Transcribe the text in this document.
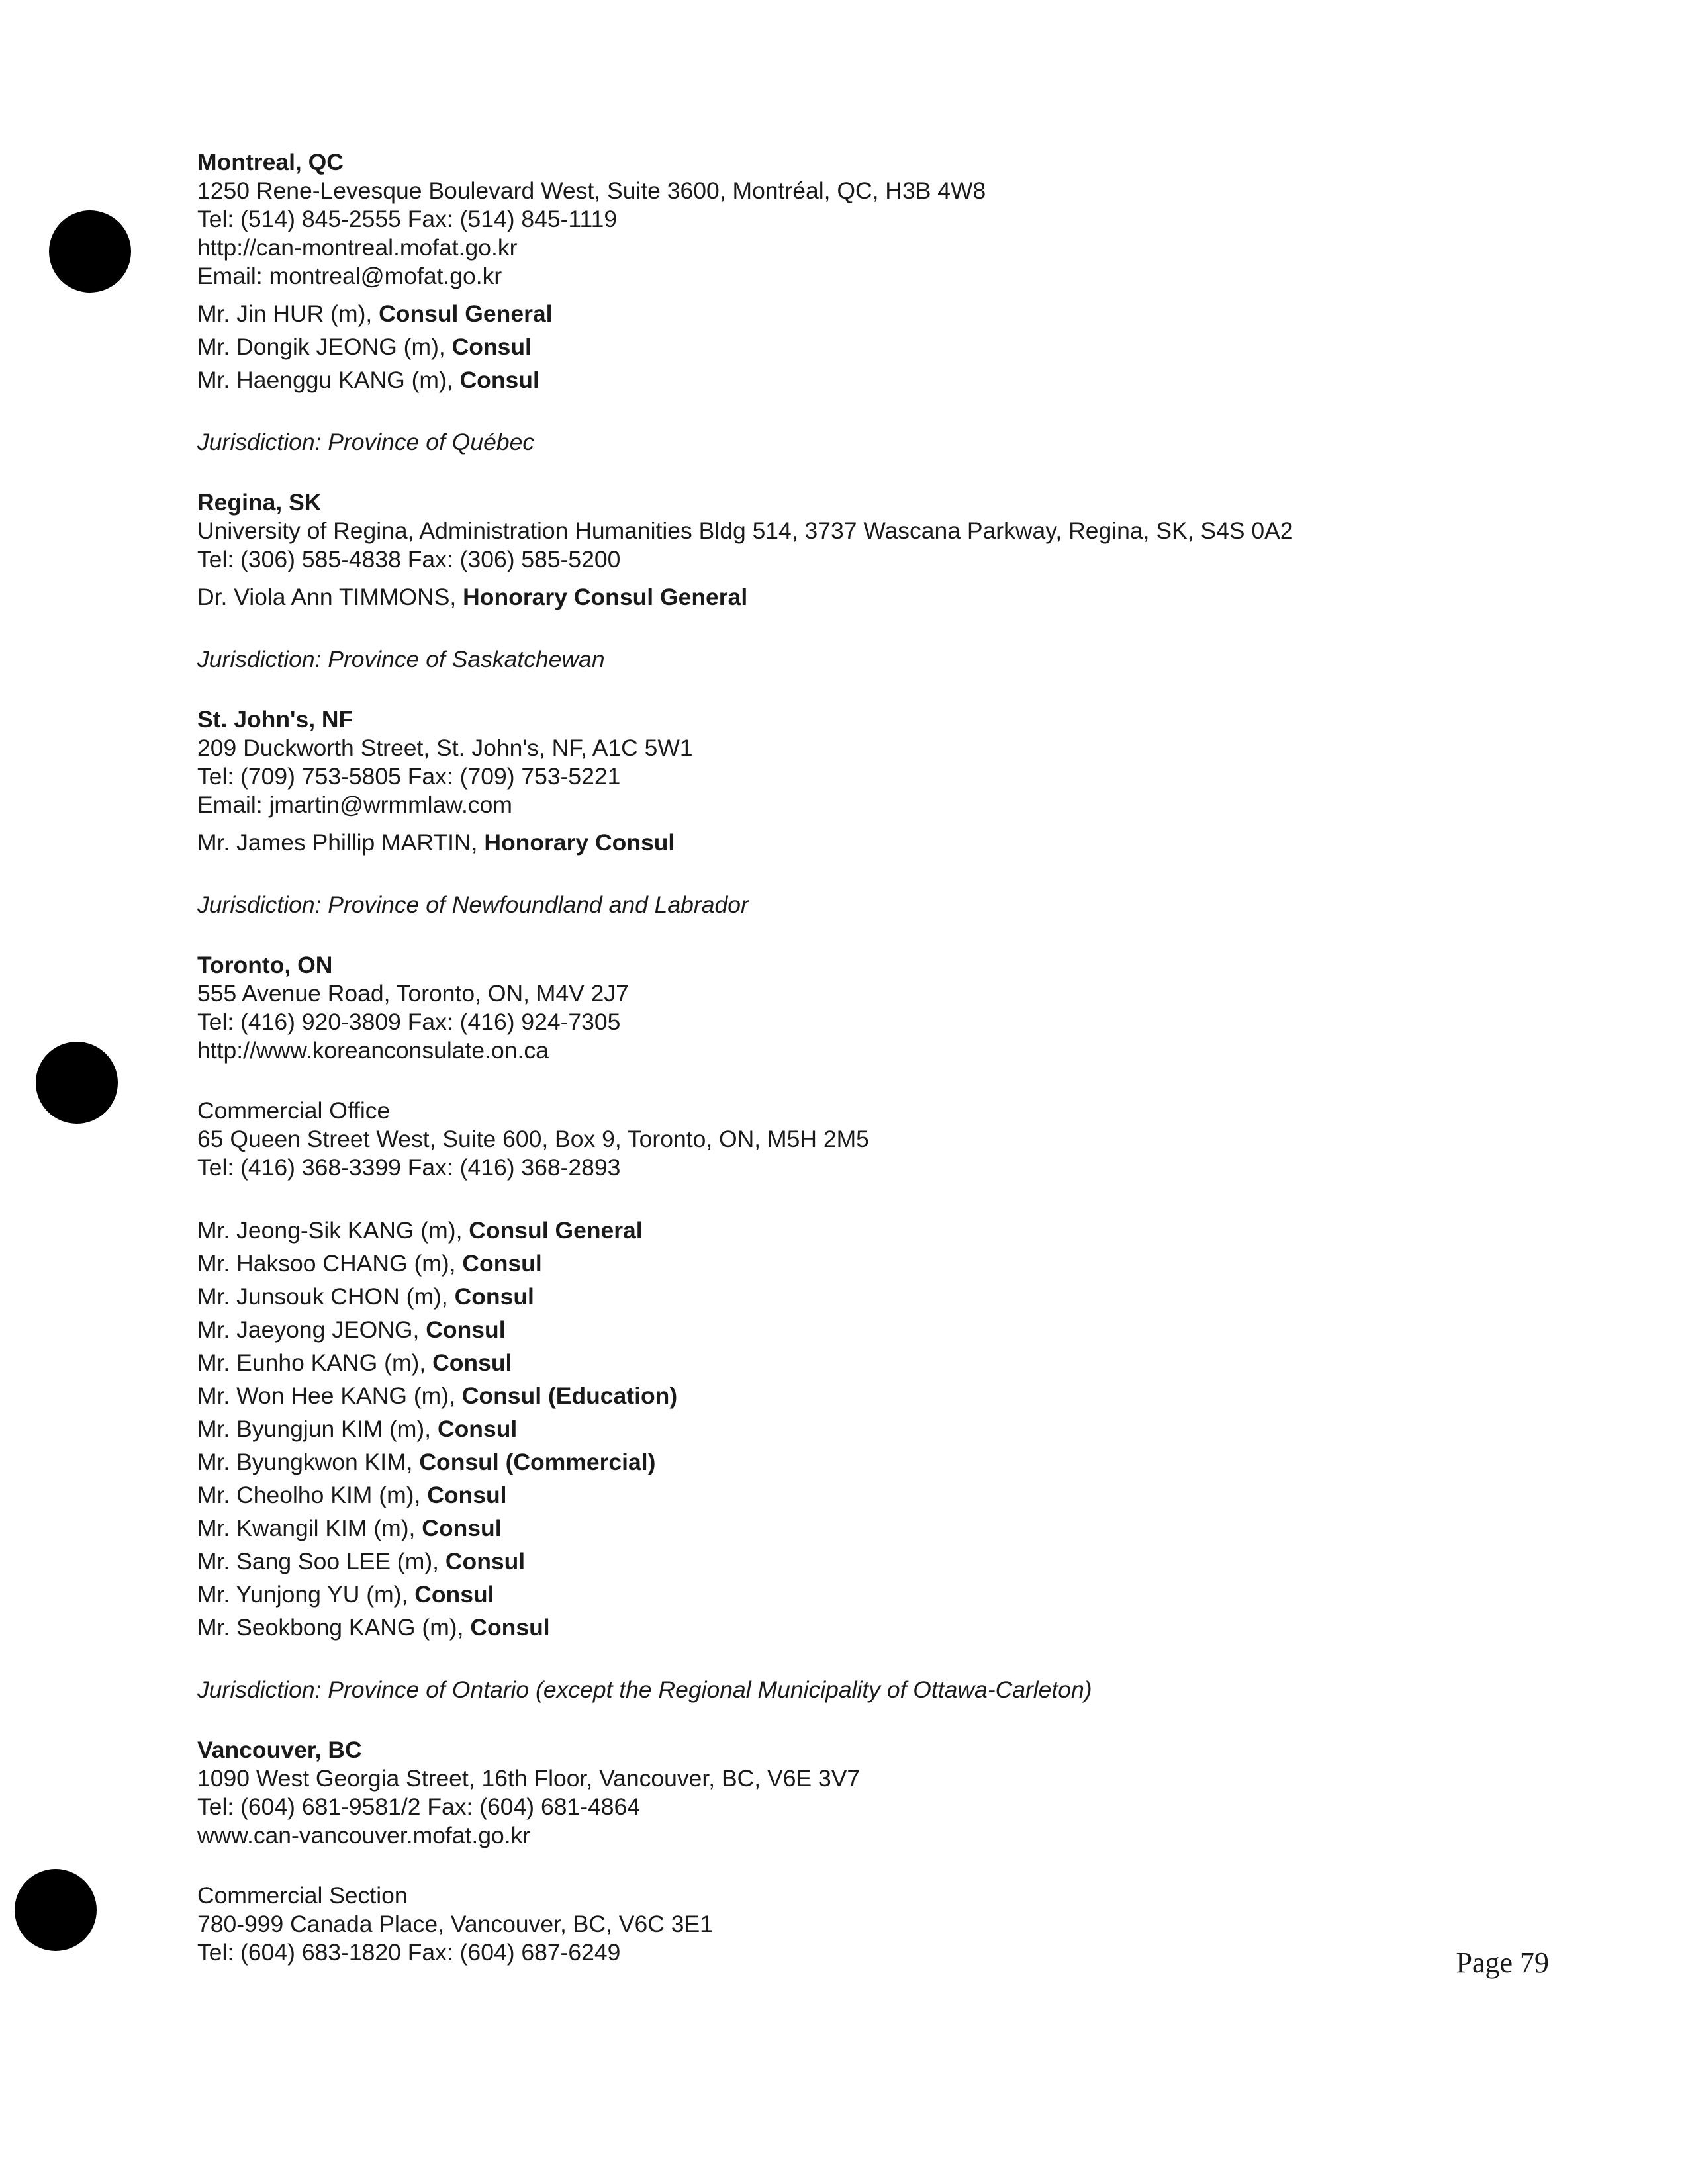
Montreal, QC
1250 Rene-Levesque Boulevard West, Suite 3600, Montréal, QC, H3B 4W8
Tel: (514) 845-2555 Fax: (514) 845-1119
http://can-montreal.mofat.go.kr
Email: montreal@mofat.go.kr
Mr. Jin HUR (m), Consul General
Mr. Dongik JEONG (m), Consul
Mr. Haenggu KANG (m), Consul
Jurisdiction: Province of Québec
Regina, SK
University of Regina, Administration Humanities Bldg 514, 3737 Wascana Parkway, Regina, SK, S4S 0A2
Tel: (306) 585-4838 Fax: (306) 585-5200
Dr. Viola Ann TIMMONS, Honorary Consul General
Jurisdiction: Province of Saskatchewan
St. John's, NF
209 Duckworth Street, St. John's, NF, A1C 5W1
Tel: (709) 753-5805 Fax: (709) 753-5221
Email: jmartin@wrmmlaw.com
Mr. James Phillip MARTIN, Honorary Consul
Jurisdiction: Province of Newfoundland and Labrador
Toronto, ON
555 Avenue Road, Toronto, ON, M4V 2J7
Tel: (416) 920-3809 Fax: (416) 924-7305
http://www.koreanconsulate.on.ca
Commercial Office
65 Queen Street West, Suite 600, Box 9, Toronto, ON, M5H 2M5
Tel: (416) 368-3399 Fax: (416) 368-2893
Mr. Jeong-Sik KANG (m), Consul General
Mr. Haksoo CHANG (m), Consul
Mr. Junsouk CHON (m), Consul
Mr. Jaeyong JEONG, Consul
Mr. Eunho KANG (m), Consul
Mr. Won Hee KANG (m), Consul (Education)
Mr. Byungjun KIM (m), Consul
Mr. Byungkwon KIM, Consul (Commercial)
Mr. Cheolho KIM (m), Consul
Mr. Kwangil KIM (m), Consul
Mr. Sang Soo LEE (m), Consul
Mr. Yunjong YU (m), Consul
Mr. Seokbong KANG (m), Consul
Jurisdiction: Province of Ontario (except the Regional Municipality of Ottawa-Carleton)
Vancouver, BC
1090 West Georgia Street, 16th Floor, Vancouver, BC, V6E 3V7
Tel: (604) 681-9581/2 Fax: (604) 681-4864
www.can-vancouver.mofat.go.kr
Commercial Section
780-999 Canada Place, Vancouver, BC, V6C 3E1
Tel: (604) 683-1820 Fax: (604) 687-6249	Page 79
